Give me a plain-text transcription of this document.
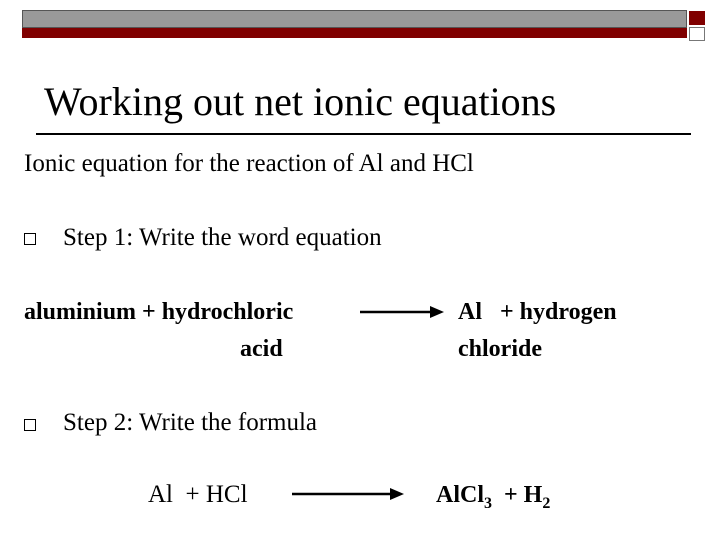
Working out net ionic equations
Ionic equation for the reaction of Al and HCl
Step 1: Write the word equation
aluminium + hydrochloric
acid
Al   + hydrogen
chloride
Step 2: Write the formula
Al  + HCl	AlCl$_3$  + $H_2$
